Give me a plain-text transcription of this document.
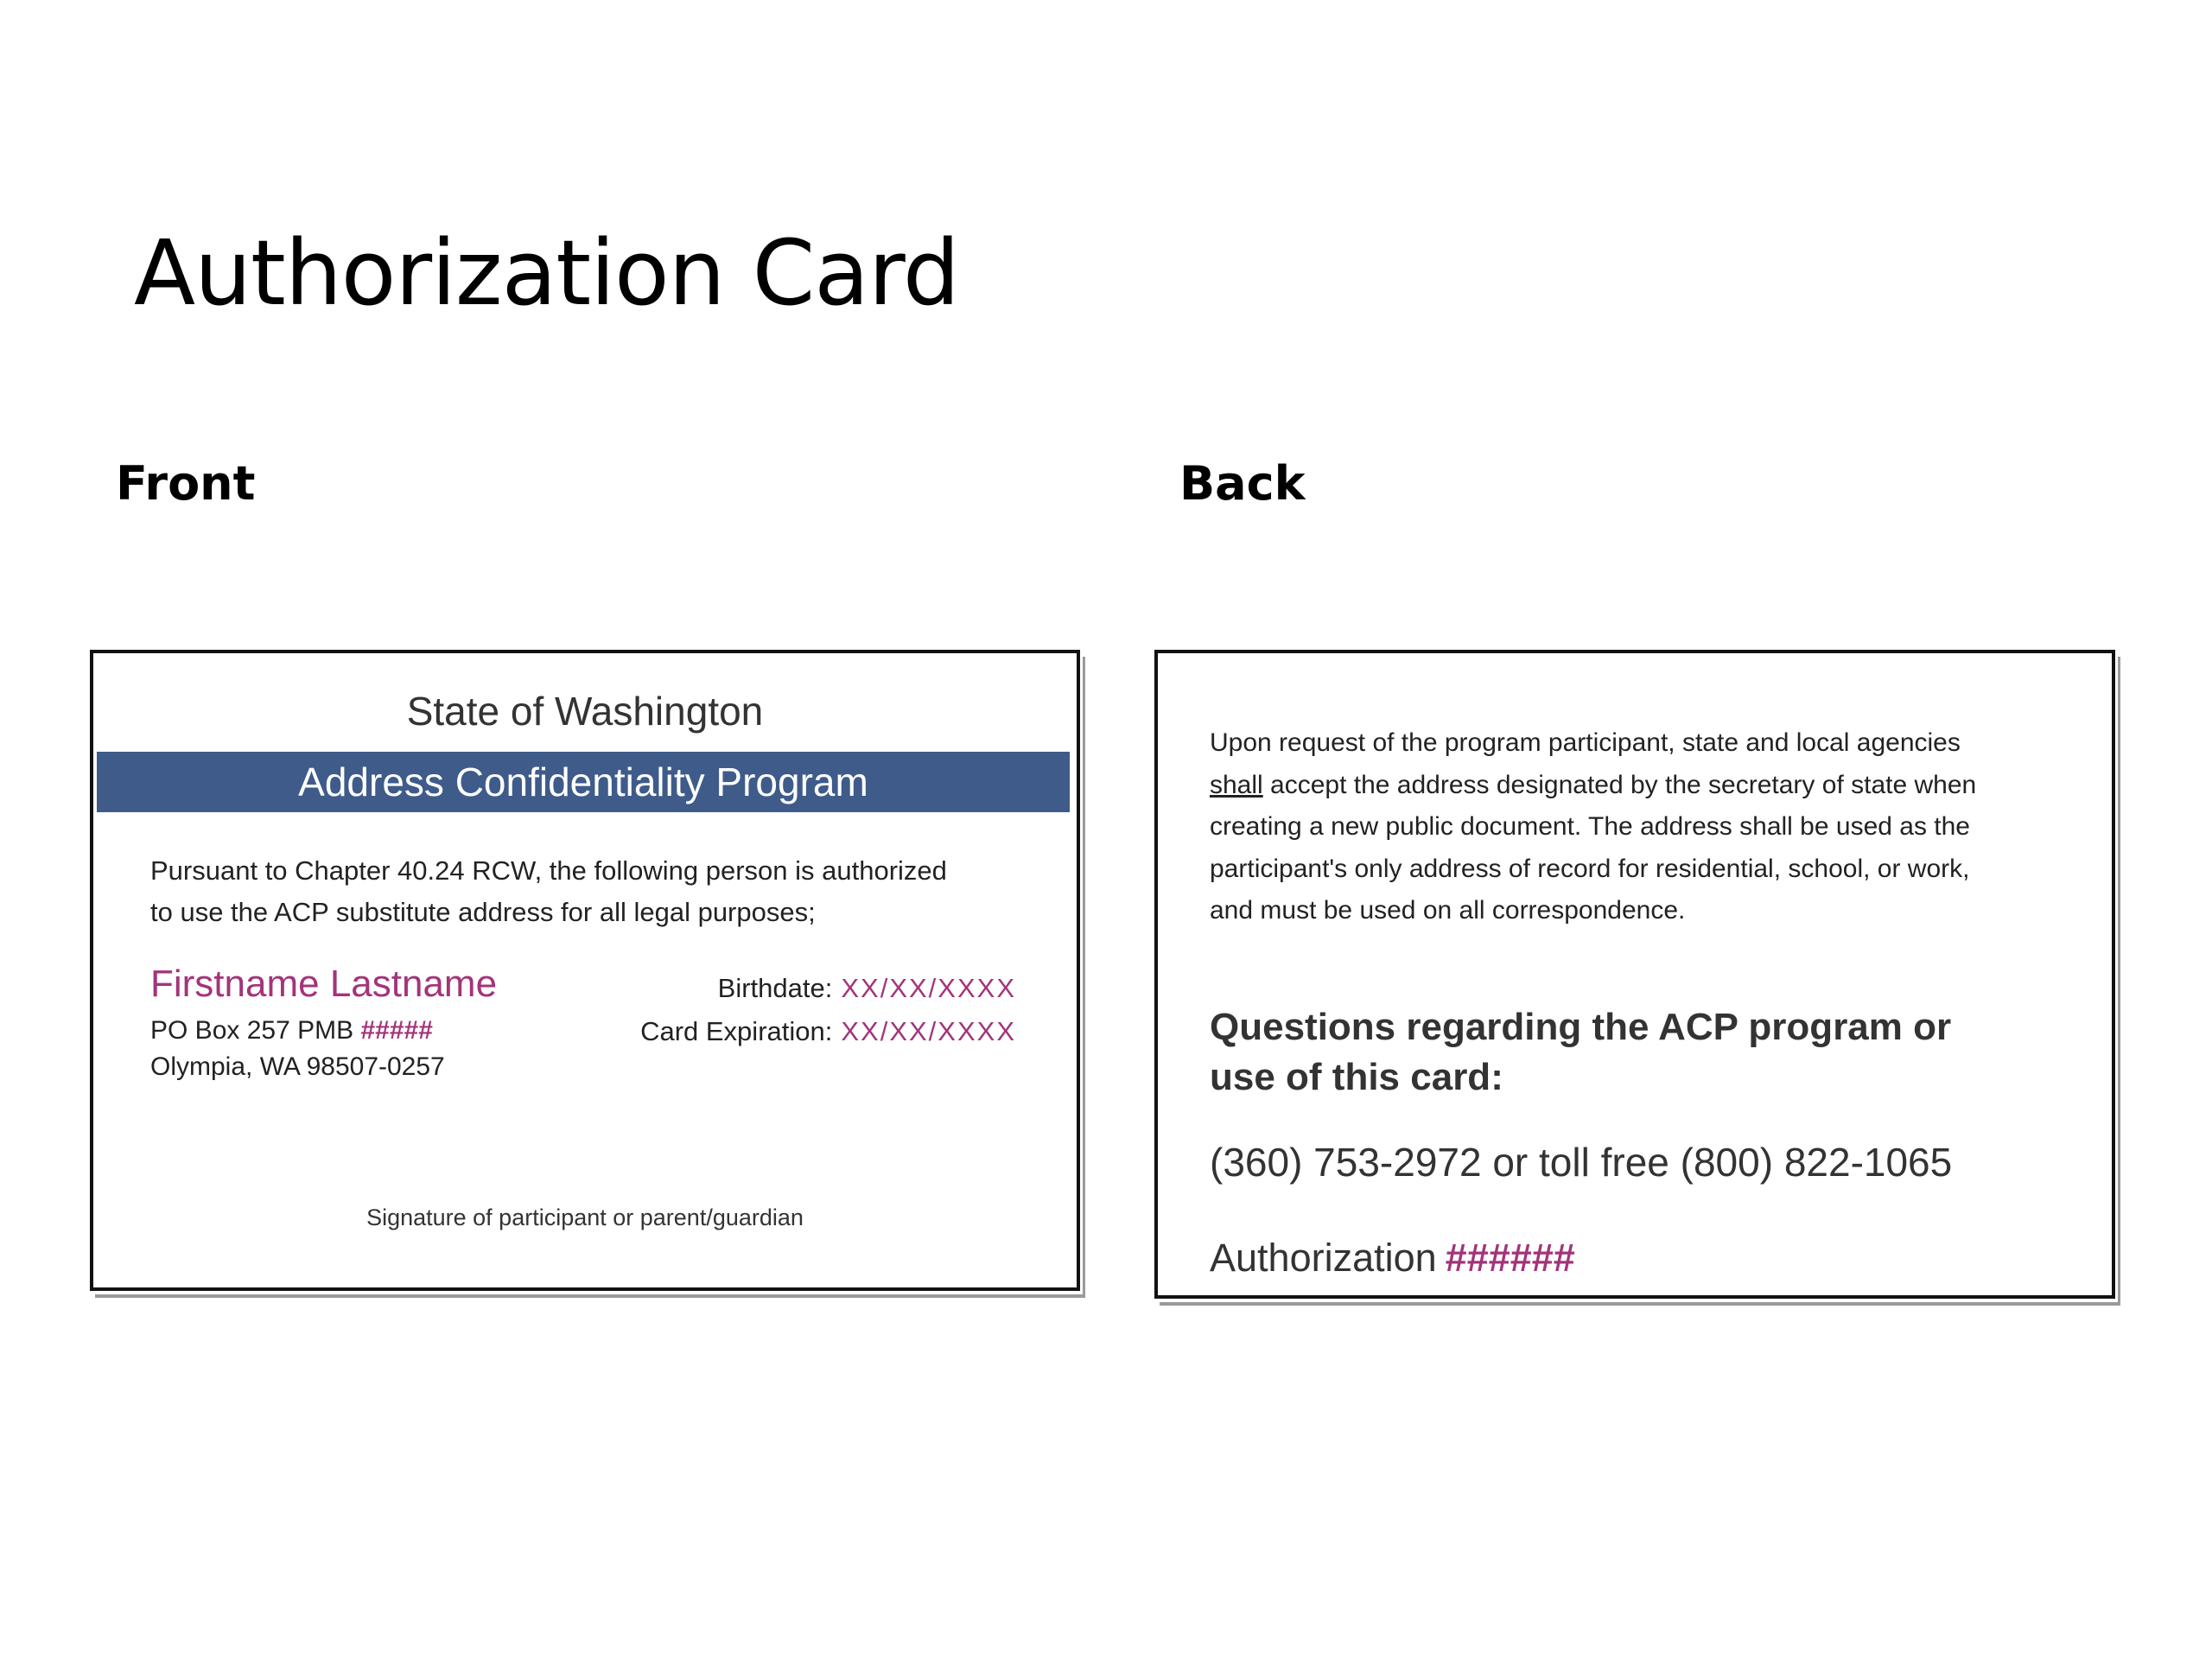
Authorization Card
Front	Back
State of Washington
Address Confidentiality Program
Pursuant to Chapter 40.24 RCW, the following person is authorized
to use the ACP substitute address for all legal purposes;
Firstname Lastname
PO Box 257 PMB #####
Olympia, WA 98507-0257
Birthdate: XX/XX/XXXX
Card Expiration: XX/XX/XXXX
Signature of participant or parent/guardian
Upon request of the program participant, state and local agencies
shall accept the address designated by the secretary of state when
creating a new public document. The address shall be used as the
participant's only address of record for residential, school, or work,
and must be used on all correspondence.
Questions regarding the ACP program or
use of this card:
(360) 753-2972 or toll free (800) 822-1065
Authorization ######
